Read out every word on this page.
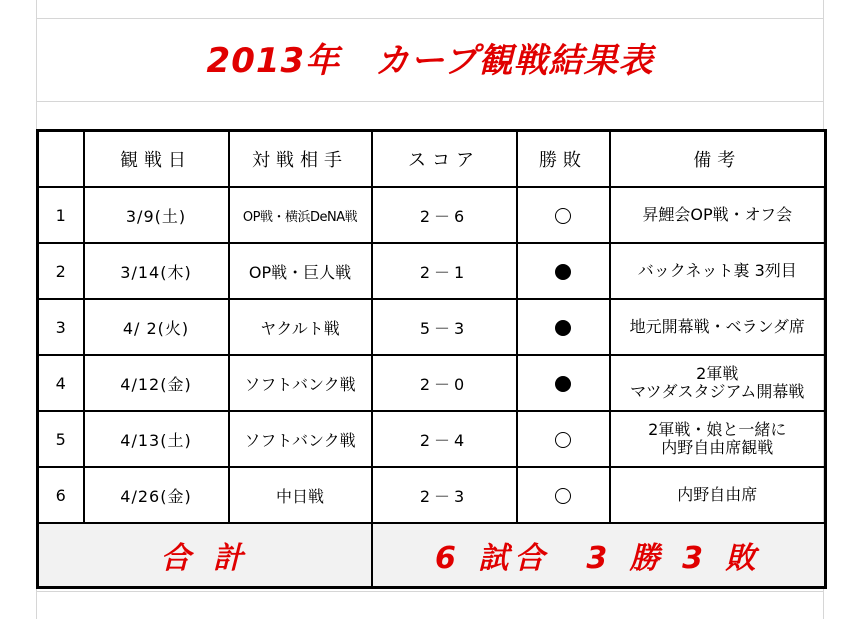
2013年　カープ観戦結果表
	観戦日	対戦相手	スコア	勝敗	備考
1	3/9(土)	OP戦・横浜DeNA戦	2－6		昇鯉会OP戦・オフ会

2	3/14(木)	OP戦・巨人戦	2－1		バックネット裏 3列目

3	4/ 2(火)	ヤクルト戦	5－3		地元開幕戦・ベランダ席

4	4/12(金)	ソフトバンク戦	2－0		2軍戦
マツダスタジアム開幕戦

5	4/13(土)	ソフトバンク戦	2－4		2軍戦・娘と一緒に
内野自由席観戦

6	4/26(金)	中日戦	2－3		内野自由席

合 計			6 試合　3 勝 3 敗		
